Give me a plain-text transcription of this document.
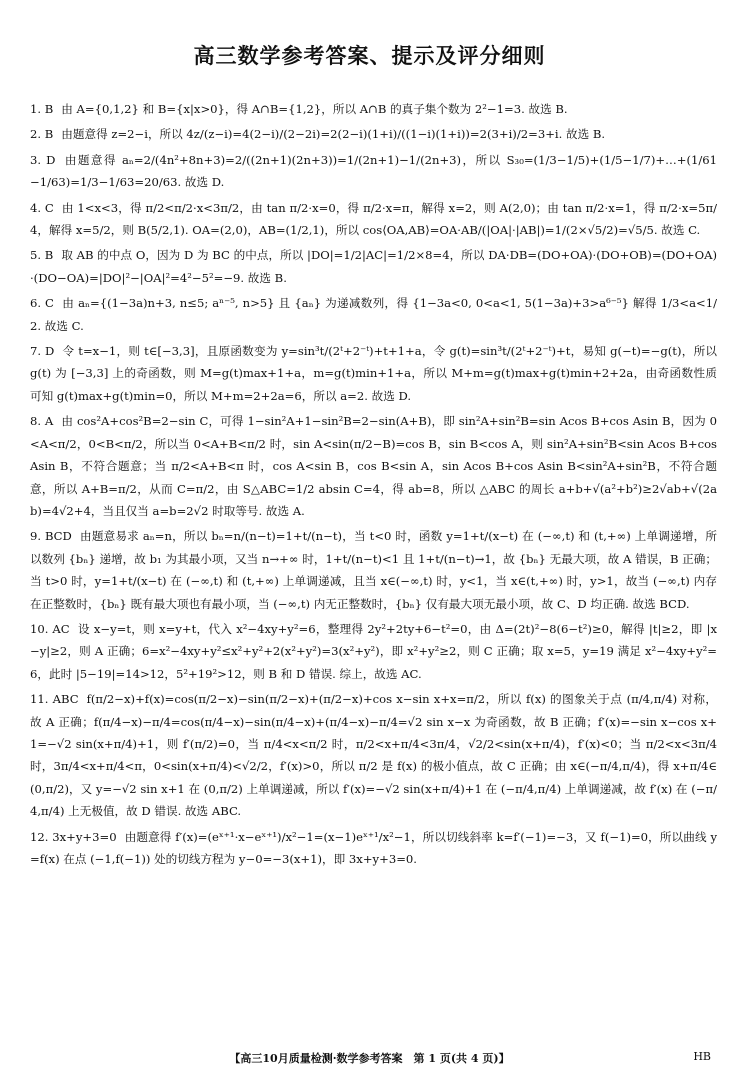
高三数学参考答案、提示及评分细则

1. B 由 A={0,1,2} 和 B={x|x>0}，得 A∩B={1,2}，所以 A∩B 的真子集个数为 2²−1=3. 故选 B.

2. B 由题意得 z=2−i，所以 4z/(z−i)=4(2−i)/(2−2i)=2(2−i)(1+i)/((1−i)(1+i))=2(3+i)/2=3+i. 故选 B.

3. D 由题意得 aₙ=2/(4n²+8n+3)=2/((2n+1)(2n+3))=1/(2n+1)−1/(2n+3)，所以 S₃₀=(1/3−1/5)+(1/5−1/7)+…+(1/61−1/63)=1/3−1/63=20/63. 故选 D.

4. C 由 1<x<3，得 π/2<π/2·x<3π/2，由 tan π/2·x=0，得 π/2·x=π，解得 x=2，则 A(2,0)；由 tan π/2·x=1，得 π/2·x=5π/4，解得 x=5/2，则 B(5/2,1). OA=(2,0)，AB=(1/2,1)，所以 cos⟨OA,AB⟩=OA·AB/(|OA|·|AB|)=1/(2×√5/2)=√5/5. 故选 C.

5. B 取 AB 的中点 O，因为 D 为 BC 的中点，所以 |DO|=1/2|AC|=1/2×8=4，所以 DA·DB=(DO+OA)·(DO+OB)=(DO+OA)·(DO−OA)=|DO|²−|OA|²=4²−5²=−9. 故选 B.

6. C 由 aₙ={(1−3a)n+3, n≤5; aⁿ⁻⁵, n>5} 且 {aₙ} 为递减数列，得 {1−3a<0, 0<a<1, 5(1−3a)+3>a⁶⁻⁵} 解得 1/3<a<1/2. 故选 C.

7. D 令 t=x−1，则 t∈[−3,3]，且原函数变为 y=sin³t/(2ᵗ+2⁻ᵗ)+t+1+a，令 g(t)=sin³t/(2ᵗ+2⁻ᵗ)+t，易知 g(−t)=−g(t)，所以 g(t) 为 [−3,3] 上的奇函数，则 M=g(t)max+1+a，m=g(t)min+1+a，所以 M+m=g(t)max+g(t)min+2+2a，由奇函数性质可知 g(t)max+g(t)min=0，所以 M+m=2+2a=6，所以 a=2. 故选 D.

8. A 由 cos²A+cos²B=2−sin C，可得 1−sin²A+1−sin²B=2−sin(A+B)，即 sin²A+sin²B=sin Acos B+cos Asin B，因为 0<A<π/2，0<B<π/2，所以当 0<A+B<π/2 时，sin A<sin(π/2−B)=cos B，sin B<cos A，则 sin²A+sin²B<sin Acos B+cos Asin B，不符合题意；当 π/2<A+B<π 时，cos A<sin B，cos B<sin A，sin Acos B+cos Asin B<sin²A+sin²B，不符合题意，所以 A+B=π/2，从而 C=π/2，由 S△ABC=1/2 absin C=4，得 ab=8，所以 △ABC 的周长 a+b+√(a²+b²)≥2√ab+√(2ab)=4√2+4，当且仅当 a=b=2√2 时取等号. 故选 A.

9. BCD 由题意易求 aₙ=n，所以 bₙ=n/(n−t)=1+t/(n−t)，当 t<0 时，函数 y=1+t/(x−t) 在 (−∞,t) 和 (t,+∞) 上单调递增，所以数列 {bₙ} 递增，故 b₁ 为其最小项，又当 n→+∞ 时，1+t/(n−t)<1 且 1+t/(n−t)→1，故 {bₙ} 无最大项，故 A 错误，B 正确；当 t>0 时，y=1+t/(x−t) 在 (−∞,t) 和 (t,+∞) 上单调递减，且当 x∈(−∞,t) 时，y<1，当 x∈(t,+∞) 时，y>1，故当 (−∞,t) 内存在正整数时，{bₙ} 既有最大项也有最小项，当 (−∞,t) 内无正整数时，{bₙ} 仅有最大项无最小项，故 C、D 均正确. 故选 BCD.

10. AC 设 x−y=t，则 x=y+t，代入 x²−4xy+y²=6，整理得 2y²+2ty+6−t²=0，由 Δ=(2t)²−8(6−t²)≥0，解得 |t|≥2，即 |x−y|≥2，则 A 正确；6=x²−4xy+y²≤x²+y²+2(x²+y²)=3(x²+y²)，即 x²+y²≥2，则 C 正确；取 x=5，y=19 满足 x²−4xy+y²=6，此时 |5−19|=14>12，5²+19²>12，则 B 和 D 错误. 综上，故选 AC.

11. ABC f(π/2−x)+f(x)=cos(π/2−x)−sin(π/2−x)+(π/2−x)+cos x−sin x+x=π/2，所以 f(x) 的图象关于点 (π/4,π/4) 对称，故 A 正确；f(π/4−x)−π/4=cos(π/4−x)−sin(π/4−x)+(π/4−x)−π/4=√2 sin x−x 为奇函数，故 B 正确；f′(x)=−sin x−cos x+1=−√2 sin(x+π/4)+1，则 f′(π/2)=0，当 π/4<x<π/2 时，π/2<x+π/4<3π/4，√2/2<sin(x+π/4)，f′(x)<0；当 π/2<x<3π/4 时，3π/4<x+π/4<π，0<sin(x+π/4)<√2/2，f′(x)>0，所以 π/2 是 f(x) 的极小值点，故 C 正确；由 x∈(−π/4,π/4)，得 x+π/4∈(0,π/2)，又 y=−√2 sin x+1 在 (0,π/2) 上单调递减，所以 f′(x)=−√2 sin(x+π/4)+1 在 (−π/4,π/4) 上单调递减，故 f′(x) 在 (−π/4,π/4) 上无极值，故 D 错误. 故选 ABC.

12. 3x+y+3=0 由题意得 f′(x)=(eˣ⁺¹·x−eˣ⁺¹)/x²−1=(x−1)eˣ⁺¹/x²−1，所以切线斜率 k=f′(−1)=−3，又 f(−1)=0，所以曲线 y=f(x) 在点 (−1,f(−1)) 处的切线方程为 y−0=−3(x+1)，即 3x+y+3=0.

【高三10月质量检测·数学参考答案　第 1 页(共 4 页)】	HB
